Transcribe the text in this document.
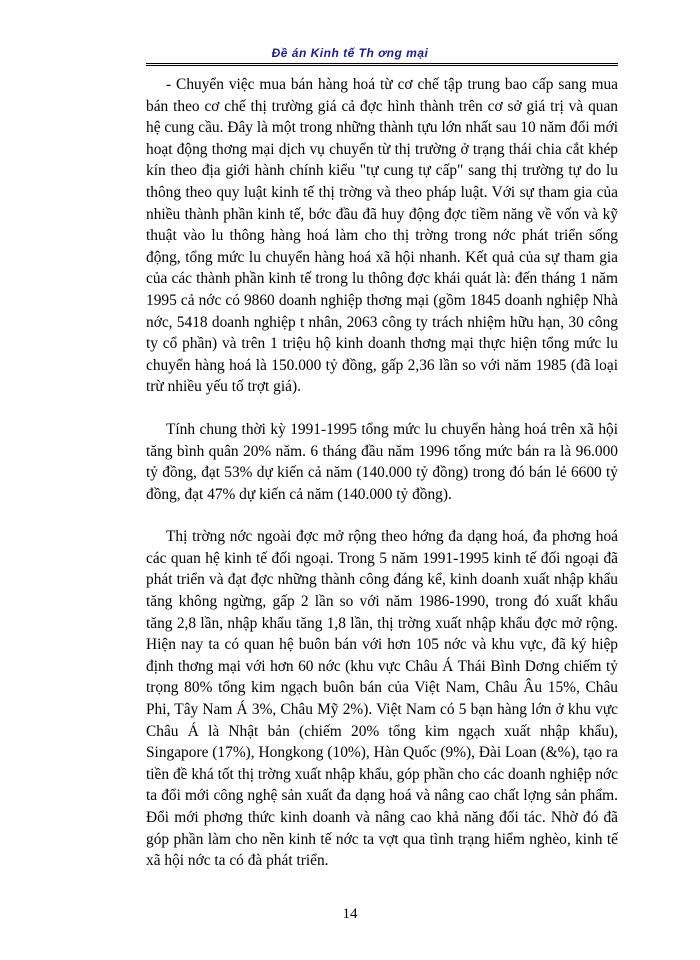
Đề án Kinh tế Th ơng mại

- Chuyển việc mua bán hàng hoá từ cơ chế tập trung bao cấp sang mua bán theo cơ chế thị trường giá cả đợc hình thành trên cơ sở giá trị và quan hệ cung cầu. Đây là một trong những thành tựu lớn nhất sau 10 năm đổi mới hoạt động thơng mại dịch vụ chuyển từ thị trường ở trạng thái chia cắt khép kín theo địa giới hành chính kiểu "tự cung tự cấp" sang thị trường tự do lu thông theo quy luật kinh tế thị trờng và theo pháp luật. Với sự tham gia của nhiều thành phần kinh tế, bớc đầu đã huy động đợc tiềm năng về vốn và kỹ thuật vào lu thông hàng hoá làm cho thị trờng trong nớc phát triển sống động, tổng mức lu chuyển hàng hoá xã hội nhanh. Kết quả của sự tham gia của các thành phần kinh tế trong lu thông đợc khái quát là: đến tháng 1 năm 1995 cả nớc có 9860 doanh nghiệp thơng mại (gồm 1845 doanh nghiệp Nhà nớc, 5418 doanh nghiệp t nhân, 2063 công ty trách nhiệm hữu hạn, 30 công ty cổ phần) và trên 1 triệu hộ kinh doanh thơng mại thực hiện tổng mức lu chuyển hàng hoá là 150.000 tỷ đồng, gấp 2,36 lần so với năm 1985 (đã loại trừ nhiều yếu tố trợt giá).

Tính chung thời kỳ 1991-1995 tổng mức lu chuyển hàng hoá trên xã hội tăng bình quân 20% năm. 6 tháng đầu năm 1996 tổng mức bán ra là 96.000 tỷ đồng, đạt 53% dự kiến cả năm (140.000 tỷ đồng) trong đó bán lẻ 6600 tỷ đồng, đạt 47% dự kiến cả năm (140.000 tỷ đồng).

Thị trờng nớc ngoài đợc mở rộng theo hớng đa dạng hoá, đa phơng hoá các quan hệ kinh tế đối ngoại. Trong 5 năm 1991-1995 kinh tế đối ngoại đã phát triển và đạt đợc những thành công đáng kể, kinh doanh xuất nhập khẩu tăng không ngừng, gấp 2 lần so với năm 1986-1990, trong đó xuất khẩu tăng 2,8 lần, nhập khẩu tăng 1,8 lần, thị trờng xuất nhập khẩu đợc mở rộng. Hiện nay ta có quan hệ buôn bán với hơn 105 nớc và khu vực, đã ký hiệp định thơng mại với hơn 60 nớc (khu vực Châu Á Thái Bình Dơng chiếm tỷ trọng 80% tổng kim ngạch buôn bán của Việt Nam, Châu Âu 15%, Châu Phi, Tây Nam Á 3%, Châu Mỹ 2%). Việt Nam có 5 bạn hàng lớn ở khu vực Châu Á là Nhật bản (chiếm 20% tổng kim ngạch xuất nhập khẩu), Singapore (17%), Hongkong (10%), Hàn Quốc (9%), Đài Loan (&%), tạo ra tiền đề khá tốt thị trờng xuất nhập khẩu, góp phần cho các doanh nghiệp nớc ta đổi mới công nghệ sản xuất đa dạng hoá và nâng cao chất lợng sản phẩm. Đổi mới phơng thức kinh doanh và nâng cao khả năng đối tác. Nhờ đó đã góp phần làm cho nền kinh tế nớc ta vợt qua tình trạng hiểm nghèo, kinh tế xã hội nớc ta có đà phát triển.

14
